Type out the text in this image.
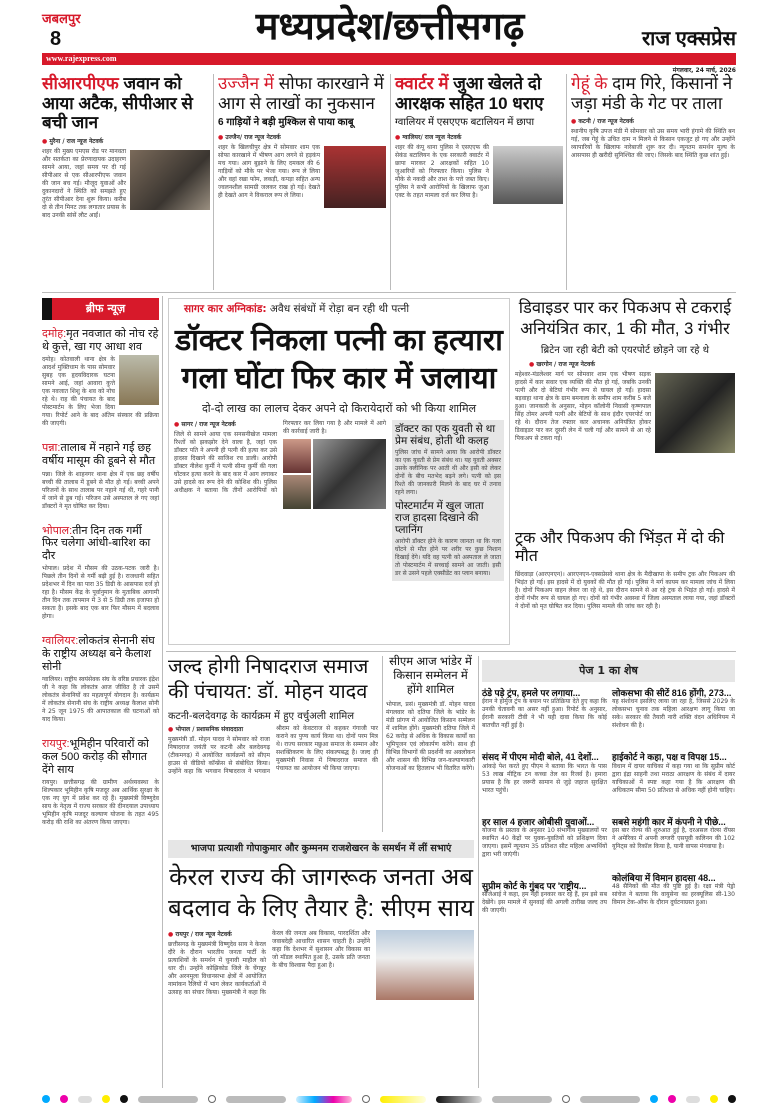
जबलपुर
8	मध्यप्रदेश/छत्तीसगढ़	राज एक्सप्रेस
www.rajexpress.com
मंगलवार, 24 मार्च, 2026
सीआरपीएफ जवान को आया अटैक, सीपीआर से बची जान
● मुरैना / राज न्यूज नेटवर्क
शहर की मुख्य एमएस रोड पर मानवता और सतर्कता का प्रेरणादायक उदाहरण सामने आया, जहां समय पर दी गई सीपीआर से एक सीआरपीएफ जवान की जान बच गई। मौजूद युवाओं और दुकानदारों ने स्थिति को समझते हुए तुरंत सीपीआर देना शुरू किया। करीब दो से तीन मिनट तक लगातार प्रयास के बाद उनकी सांसें लौट आईं।
उज्जैन में सोफा कारखाने में आग से लाखों का नुकसान
6 गाड़ियों ने बड़ी मुश्किल से पाया काबू
● उज्जैन/ राज न्यूज नेटवर्क
शहर के खिलचीपुर क्षेत्र में सोमवार शाम एक सोफा कारखाने में भीषण आग लगने से हड़कंप मच गया। आग बुझाने के लिए दमकल की 6 गाड़ियों को मौके पर भेजा गया। रूप ले लिया और वहां रखा फोम, लकड़ी, कपड़ा सहित अन्य ज्वलनशील सामग्री जलकर राख हो गई। देखते ही देखते आग ने विकराल रूप ले लिया।
क्वार्टर में जुआ खेलते दो आरक्षक सहित 10 धराए
ग्वालियर में एसएएफ बटालियन में छापा
● ग्वालियर/ राज न्यूज नेटवर्क
शहर की कंपू थाना पुलिस ने एसएएफ की सेकंड बटालियन के एक सरकारी क्वार्टर में छापा मारकर 2 आरक्षकों सहित 10 जुआरियों को गिरफ्तार किया। पुलिस ने मौके से नकदी और ताश के पत्ते जब्त किए। पुलिस ने सभी आरोपियों के खिलाफ जुआ एक्ट के तहत मामला दर्ज कर लिया है।
गेहूं के दाम गिरे, किसानों ने जड़ा मंडी के गेट पर ताला
● कटनी / राज न्यूज नेटवर्क
स्थानीय कृषि उपज मंडी में सोमवार को उस समय भारी हंगामे की स्थिति बन गई, जब गेहूं के उचित दाम न मिलने से किसान एकजुट हो गए और उन्होंने व्यापारियों के खिलाफ नारेबाजी शुरू कर दी। न्यूनतम समर्थन मूल्य के आसपास ही खरीदी सुनिश्चित की जाए। जिसके बाद स्थिति कुछ शांत हुई।
ब्रीफ न्यूज़
दमोह:मृत नवजात को नोच रहे थे कुत्ते, खा गए आधा शव
दमोह। कोतवाली थाना क्षेत्र के आदर्श मुक्तिधाम के पास सोमवार सुबह एक हृदयविदारक घटना सामने आई, जहां आवारा कुत्ते एक नवजात शिशु के शव को नोच रहे थे। राह की पंचायत के बाद पोस्टमार्टम के लिए भेजा दिया गया। रिपोर्ट आने के बाद अंतिम संस्कार की प्रक्रिया की जाएगी।
पन्ना:तालाब में नहाने गई छह वर्षीय मासूम की डूबने से मौत
पन्ना। जिले के शाहनगर थाना क्षेत्र में एक छह वर्षीय बच्ची की तालाब में डूबने से मौत हो गई। बच्ची अपने परिजनों के साथ तालाब पर नहाने गई थी, गहरे पानी में जाने से डूब गई। परिजन उसे अस्पताल ले गए जहां डॉक्टरों ने मृत घोषित कर दिया।
भोपाल:तीन दिन तक गर्मी फिर चलेगा आंधी-बारिश का दौर
भोपाल। प्रदेश में मौसम की उठक-पटक जारी है। पिछले तीन दिनों से गर्मी बढ़ी हुई है। राजधानी सहित प्रदेशभर में दिन का पारा 35 डिग्री के आसपास दर्ज हो रहा है। मौसम केंद्र के पूर्वानुमान के मुताबिक आगामी तीन दिन तक तापमान में 3 से 5 डिग्री तक इजाफा हो सकता है। इसके बाद एक बार फिर मौसम में बदलाव होगा।
ग्वालियर:लोकतंत्र सेनानी संघ के राष्ट्रीय अध्यक्ष बने कैलाश सोनी
ग्वालियर। राष्ट्रीय स्वयंसेवक संघ के वरिष्ठ प्रचारक इंद्रेश जी ने कहा कि लोकतंत्र आज जीवित है तो उसमें लोकतंत्र सेनानियों का महत्वपूर्ण योगदान है। कार्यक्रम में लोकतंत्र सेनानी संघ के राष्ट्रीय अध्यक्ष कैलाश सोनी ने 25 जून 1975 की आपातकाल की घटनाओं को याद किया।
रायपुर:भूमिहीन परिवारों को कल 500 करोड़ की सौगात देंगे साय
रायपुर। छत्तीसगढ़ की ग्रामीण अर्थव्यवस्था के शिल्पकार भूमिहीन कृषि मजदूर अब आर्थिक सुरक्षा के एक नए युग में प्रवेश कर रहे हैं। मुख्यमंत्री विष्णुदेव साय के नेतृत्व में राज्य सरकार की दीनदयाल उपाध्याय भूमिहीन कृषि मजदूर कल्याण योजना के तहत 495 करोड़ की राशि का अंतरण किया जाएगा।
सागर कार अग्निकांड: अवैध संबंधों में रोड़ा बन रही थी पत्नी
डॉक्टर निकला पत्नी का हत्यारा गला घोंटा फिर कार में जलाया
दो-दो लाख का लालच देकर अपने दो किरायेदारों को भी किया शामिल
● सागर / राज न्यूज नेटवर्क
जिले से सामने आया एक सनसनीखेज मामला रिश्तों को झकझोर देने वाला है, जहां एक डॉक्टर पति ने अपनी ही पत्नी की हत्या कर उसे हादसा दिखाने की साजिश रच डाली। आरोपी डॉक्टर नीलेश कुर्मी ने पत्नी सीमा कुर्मी की गला घोंटकर हत्या करने के बाद कार में आग लगाकर उसे हादसे का रूप देने की कोशिश की। पुलिस अधीक्षक ने बताया कि तीनों आरोपियों को गिरफ्तार कर लिया गया है और मामले में आगे की कार्रवाई जारी है।	डॉक्टर का एक युवती से था प्रेम संबंध, होती थी कलह
पुलिस जांच में सामने आया कि आरोपी डॉक्टर का एक युवती से प्रेम संबंध था। यह युवती अक्सर उसके क्लीनिक पर आती थी और इसी को लेकर दोनों के बीच मतभेद बढ़ने लगे। पत्नी को इस रिश्ते की जानकारी मिलने के बाद घर में तनाव रहने लगा।
पोस्टमार्टम में खुल जाता राज हादसा दिखाने की प्लानिंग
आरोपी डॉक्टर होने के कारण जानता था कि गला घोंटने से मौत होने पर शरीर पर कुछ निशान दिखाई देंगे। यदि वह पत्नी को अस्पताल ले जाता तो पोस्टमार्टम में सच्चाई सामने आ जाती। इसी डर से उसने पहले एक्सीडेंट का प्लान बनाया।
डिवाइडर पार कर पिकअप से टकराई अनियंत्रित कार, 1 की मौत, 3 गंभीर
ब्रिटेन जा रही बेटी को एयरपोर्ट छोड़ने जा रहे थे
● खरगोन / राज न्यूज नेटवर्क
महेश्वर-मंडलेश्वर मार्ग पर सोमवार शाम एक भीषण सड़क हादसे में कार सवार एक व्यक्ति की मौत हो गई, जबकि उनकी पत्नी और दो बेटियां गंभीर रूप से घायल हो गईं। हादसा बड़वाहा थाना क्षेत्र के ग्राम बमनाला के समीप शाम करीब 5 बजे हुआ। जानकारी के अनुसार, मोहन कॉलोनी निवासी कृष्णपाल सिंह तोमर अपनी पत्नी और बेटियों के साथ इंदौर एयरपोर्ट जा रहे थे। दौरान तेज रफ्तार कार अचानक अनियंत्रित होकर डिवाइडर पार कर दूसरी लेन में चली गई और सामने से आ रहे पिकअप से टकरा गई।
ट्रक और पिकअप की भिंड़त में दो की मौत
छिंदवाड़ा (आरएनएन)। आरएनएन-एक्सप्रेसवे थाना क्षेत्र के मैदीखापा के समीप ट्रक और पिकअप की भिड़ंत हो गई। इस हादसे में दो युवकों की मौत हो गई। पुलिस ने मर्ग कायम कर मामला जांच में लिया है। दोनों पिकअप वाहन लेकर जा रहे थे, इस दौरान सामने से आ रहे ट्रक से भिड़ंत हो गई। हादसे में दोनों गंभीर रूप से घायल हो गए। दोनों को गंभीर अवस्था में जिला अस्पताल लाया गया, जहां डॉक्टरों ने दोनों को मृत घोषित कर दिया। पुलिस मामले की जांच कर रही है।
जल्द होगी निषादराज समाज की पंचायत: डॉ. मोहन यादव
कटनी-बलदेवगढ़ के कार्यक्रम में हुए वर्चुअली शामिल
● भोपाल / प्रशासनिक संवाददाता
मुख्यमंत्री डॉ. मोहन यादव ने सोमवार को राजा निषादराज जयंती पर कटनी और बलदेवगढ़ (टीकमगढ़) में आयोजित कार्यक्रमों को सीएम हाउस से वीडियो कॉन्फ्रेंस से संबोधित किया। उन्होंने कहा कि भगवान निषादराज ने भगवान श्रीराम को केवटराज से कहकर गंगाजी पार कराने का पुण्य कार्य किया था। दोनों परम मित्र थे। राज्य सरकार मछुआ समाज के सम्मान और सशक्तिकरण के लिए संकल्पबद्ध है। जल्द ही मुख्यमंत्री निवास में निषादराज समाज की पंचायत का आयोजन भी किया जाएगा।
सीएम आज भांडेर में किसान सम्मेलन में होंगे शामिल
भोपाल, प्रसं। मुख्यमंत्री डॉ. मोहन यादव मंगलवार को दतिया जिले के भांडेर के मंडी प्रांगण में आयोजित किसान सम्मेलन में शामिल होंगे। मुख्यमंत्री दतिया जिले में 62 करोड़ से अधिक के विकास कार्यों का भूमिपूजन एवं लोकार्पण करेंगे। साथ ही विभिन्न विभागों की प्रदर्शनी का अवलोकन और शासन की विभिन्न जन-कल्याणकारी योजनाओं का हितलाभ भी वितरित करेंगे।
पेज 1 का शेष
ठंडे पड़े ट्रंप, हमले पर लगाया...
ईरान ने होर्मुज ट्रंप के बयान पर प्रतिक्रिया देते हुए कहा कि उनकी चेतावनी का असर नहीं हुआ। रिपोर्ट के अनुसार, ईरानी सरकारी टीवी ने भी यही दावा किया कि कोई बातचीत नहीं हुई है।
संसद में पीएम मोदी बोले, 41 देशों...
आंकड़े पेश करते हुए पीएम ने बताया कि भारत के पास 53 लाख मीट्रिक टन कच्चा तेल का रिजर्व है। हमारा प्रयास है कि हर जरूरी सामान से जुड़े जहाज सुरक्षित भारत पहुंचें।
हर साल 4 हजार ओबीसी युवाओं...
योजना के प्रस्ताव के अनुसार 10 संभागीय मुख्यालयों पर स्थापित 40 केंद्रों पर युवक-युवतियों को प्रशिक्षण दिया जाएगा। इसमें न्यूनतम 35 प्रतिशत सीट महिला अभ्यर्थियों द्वारा भरी जाएंगी।
सुप्रीम कोर्ट के गुंबद पर 'राष्ट्रीय...
सीजेआई ने कहा, हम नहीं इनकार कर रहे हैं, हम इसे सब देखेंगे। इस मामले में सुनवाई की अगली तारीख जल्द तय की जाएगी।
लोकसभा की सीटें 816 होंगी, 273...
यह संशोधन इसलिए लाया जा रहा है, जिससे 2029 के लोकसभा चुनाव तक महिला आरक्षण लागू किया जा सके। सरकार की तैयारी नारी शक्ति वंदन अधिनियम में संशोधन की है।
हाईकोर्ट ने कहा, पक्ष व विपक्ष 15...
विधान में दायर याचिका में कहा गया था कि सुप्रीम कोर्ट द्वारा इंद्रा साहनी तथा मराठा आरक्षण के संबंध में दायर याचिकाओं में स्पष्ट कहा गया है कि आरक्षण की अधिकतम सीमा 50 प्रतिशत से अधिक नहीं होनी चाहिए।
सबसे महंगी कार में कंपनी ने पीछे...
इस बार रोल्स की शुरुआत हुई है, दरअसल रोल्स रॉयस ने अमेरिका में अपनी लग्जरी एसयूवी कलिनन की 102 यूनिट्स को रिकॉल किया है, यानी वापस मंगवाया है।
कोलंबिया में विमान हादसा 48...
48 सैनिकों की मौत की पुष्टि हुई है। रक्षा मंत्री पेड्रो सांचेज ने बताया कि वायुसेना का हरक्यूलिस सी-130 विमान टेक-ऑफ के दौरान दुर्घटनाग्रस्त हुआ।
भाजपा प्रत्याशी गोपाकुमार और कुम्मनम राजशेखरन के समर्थन में लीं सभाएं
केरल राज्य की जागरूक जनता अब बदलाव के लिए तैयार है: सीएम साय
● रायपुर / राज न्यूज नेटवर्क
छत्तीसगढ़ के मुख्यमंत्री विष्णुदेव साय ने केरल दौरे के दौरान भारतीय जनता पार्टी के प्रत्याशियों के समर्थन में चुनावी माहौल को धार दी। उन्होंने कोझिकोड जिले के चेंगन्नूर और अरनमुला विधानसभा क्षेत्रों में आयोजित नामांकन रैलियों में भाग लेकर कार्यकर्ताओं में उत्साह का संचार किया। मुख्यमंत्री ने कहा कि केरल की जनता अब विकास, पारदर्शिता और जवाबदेही आधारित शासन चाहती है। उन्होंने कहा कि देशभर में सुशासन और विकास का जो मॉडल स्थापित हुआ है, उसके प्रति जनता के बीच विश्वास पैदा हुआ है।
